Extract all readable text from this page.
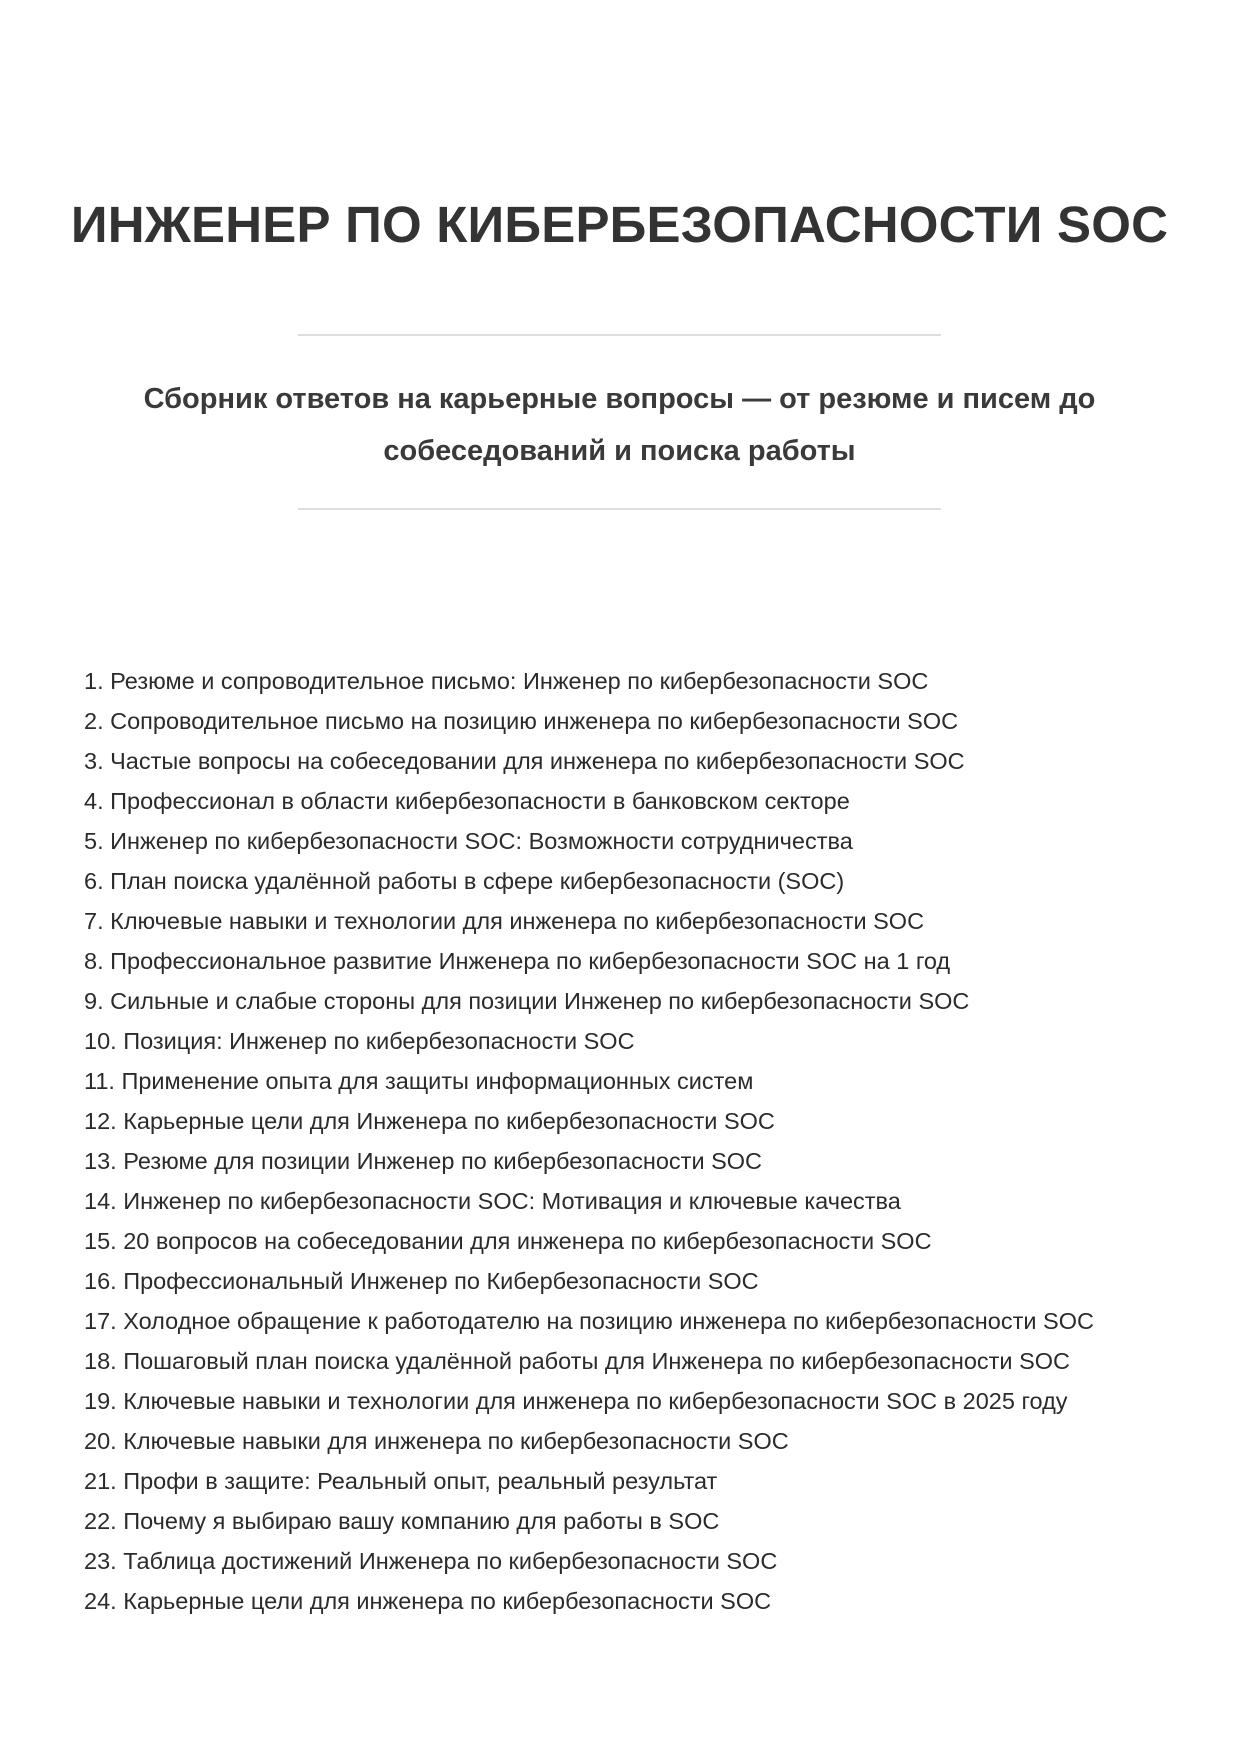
ИНЖЕНЕР ПО КИБЕРБЕЗОПАСНОСТИ SOC
Сборник ответов на карьерные вопросы — от резюме и писем до собеседований и поиска работы
1. Резюме и сопроводительное письмо: Инженер по кибербезопасности SOC
2. Сопроводительное письмо на позицию инженера по кибербезопасности SOC
3. Частые вопросы на собеседовании для инженера по кибербезопасности SOC
4. Профессионал в области кибербезопасности в банковском секторе
5. Инженер по кибербезопасности SOC: Возможности сотрудничества
6. План поиска удалённой работы в сфере кибербезопасности (SOC)
7. Ключевые навыки и технологии для инженера по кибербезопасности SOC
8. Профессиональное развитие Инженера по кибербезопасности SOC на 1 год
9. Сильные и слабые стороны для позиции Инженер по кибербезопасности SOC
10. Позиция: Инженер по кибербезопасности SOC
11. Применение опыта для защиты информационных систем
12. Карьерные цели для Инженера по кибербезопасности SOC
13. Резюме для позиции Инженер по кибербезопасности SOC
14. Инженер по кибербезопасности SOC: Мотивация и ключевые качества
15. 20 вопросов на собеседовании для инженера по кибербезопасности SOC
16. Профессиональный Инженер по Кибербезопасности SOC
17. Холодное обращение к работодателю на позицию инженера по кибербезопасности SOC
18. Пошаговый план поиска удалённой работы для Инженера по кибербезопасности SOC
19. Ключевые навыки и технологии для инженера по кибербезопасности SOC в 2025 году
20. Ключевые навыки для инженера по кибербезопасности SOC
21. Профи в защите: Реальный опыт, реальный результат
22. Почему я выбираю вашу компанию для работы в SOC
23. Таблица достижений Инженера по кибербезопасности SOC
24. Карьерные цели для инженера по кибербезопасности SOC
